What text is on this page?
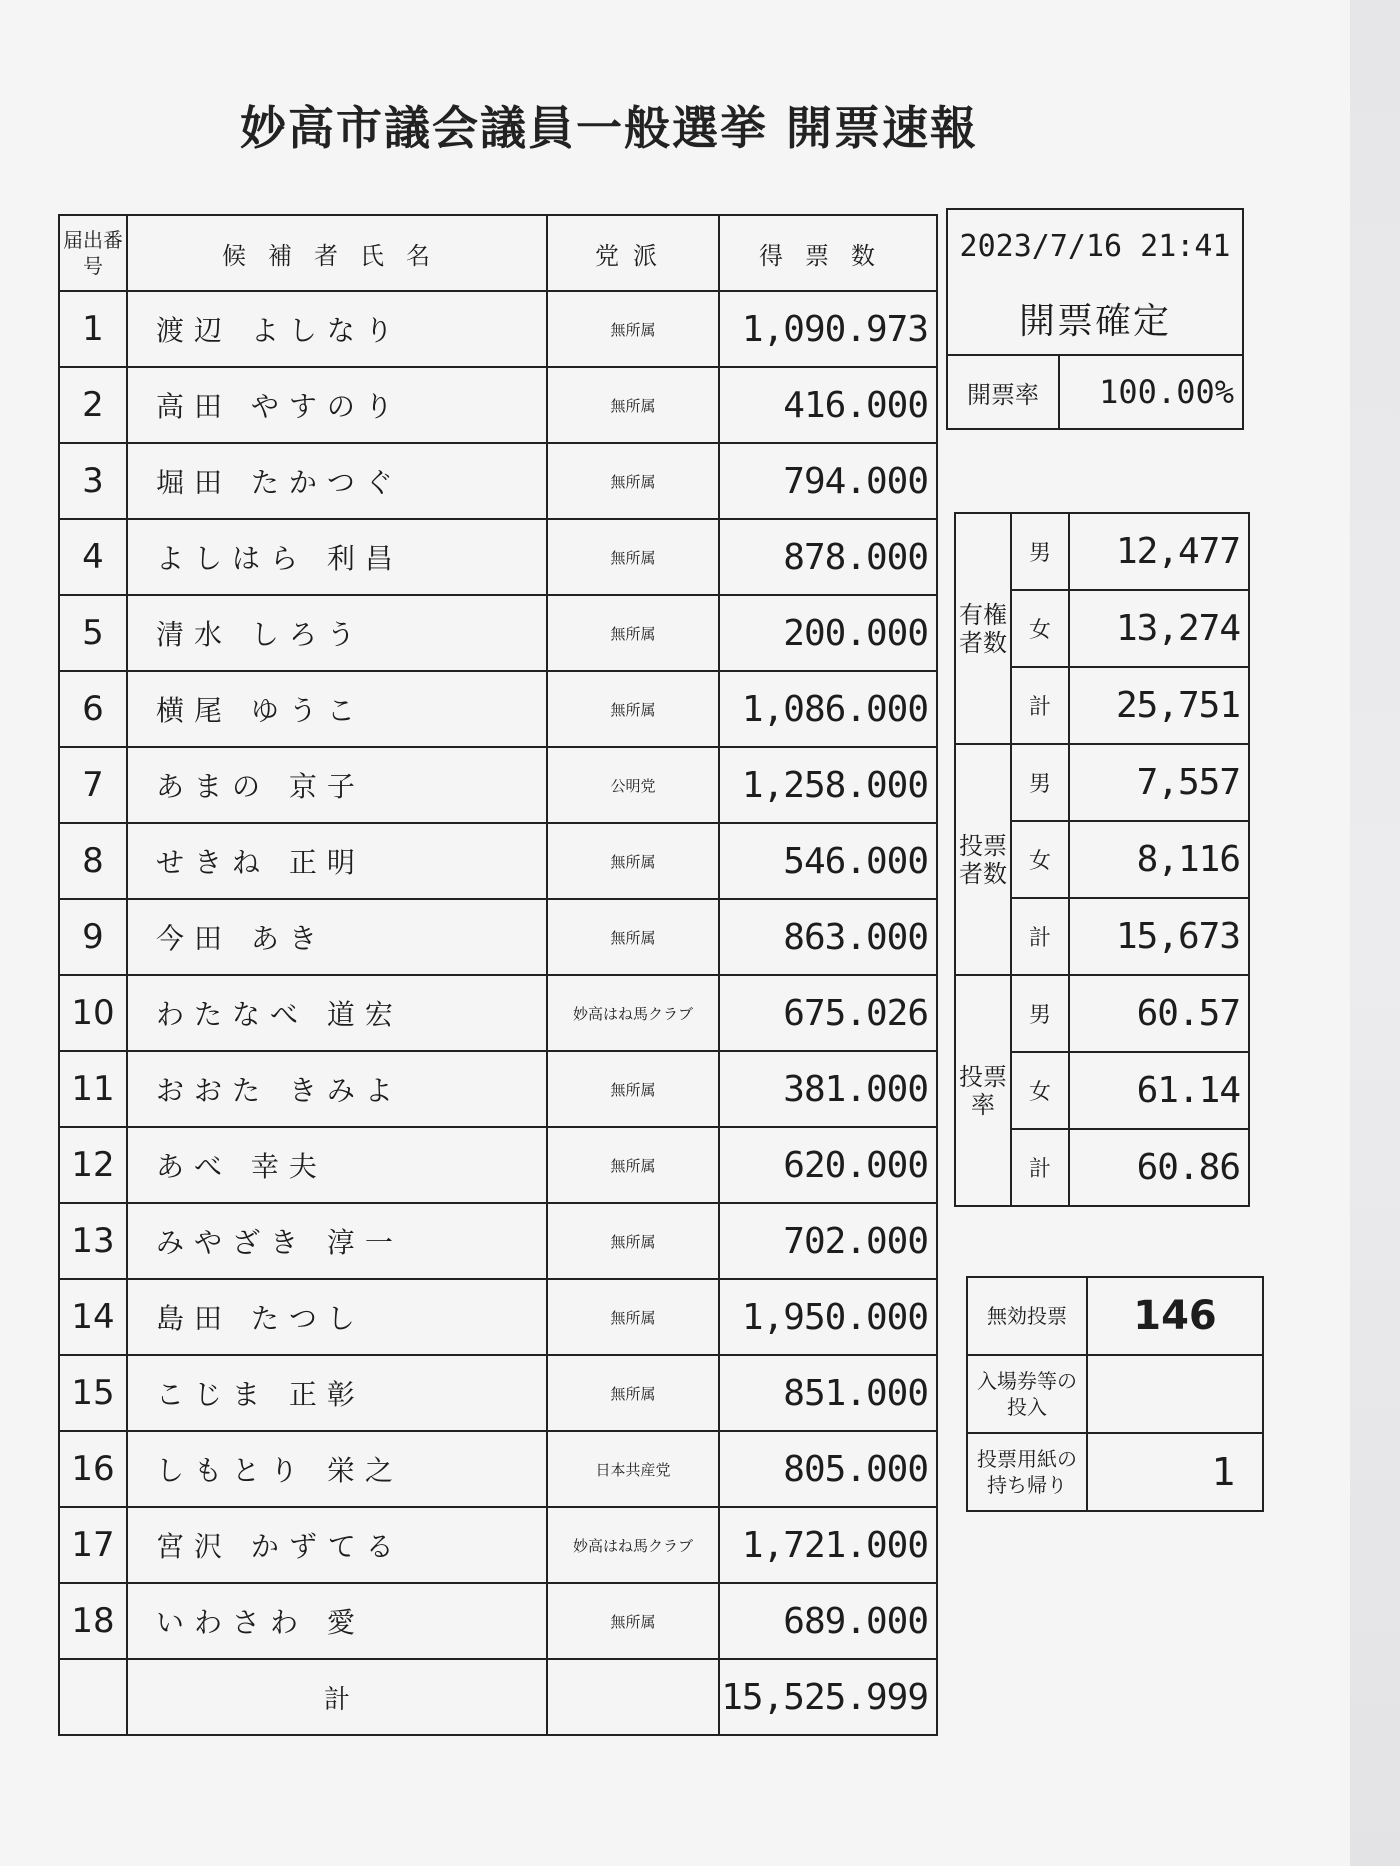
妙高市議会議員一般選挙 開票速報
届出番号	候補者氏名	党派	得票数
1	渡辺 よしなり	無所属	1,090.973
2	高田 やすのり	無所属	416.000
3	堀田 たかつぐ	無所属	794.000
4	よしはら 利昌	無所属	878.000
5	清水 しろう	無所属	200.000
6	横尾 ゆうこ	無所属	1,086.000
7	あまの 京子	公明党	1,258.000
8	せきね 正明	無所属	546.000
9	今田 あき	無所属	863.000
10	わたなべ 道宏	妙高はね馬クラブ	675.026
11	おおた きみよ	無所属	381.000
12	あべ 幸夫	無所属	620.000
13	みやざき 淳一	無所属	702.000
14	島田 たつし	無所属	1,950.000
15	こじま 正彰	無所属	851.000
16	しもとり 栄之	日本共産党	805.000
17	宮沢 かずてる	妙高はね馬クラブ	1,721.000
18	いわさわ 愛	無所属	689.000
	計		15,525.999
2023/7/16 21:41
開票確定
開票率	100.00%
有権者数	男	12,477
	女	13,274
	計	25,751
投票者数	男	7,557
	女	8,116
	計	15,673
投票率	男	60.57
	女	61.14
	計	60.86
無効投票	146
入場券等の投入	
投票用紙の持ち帰り	1
